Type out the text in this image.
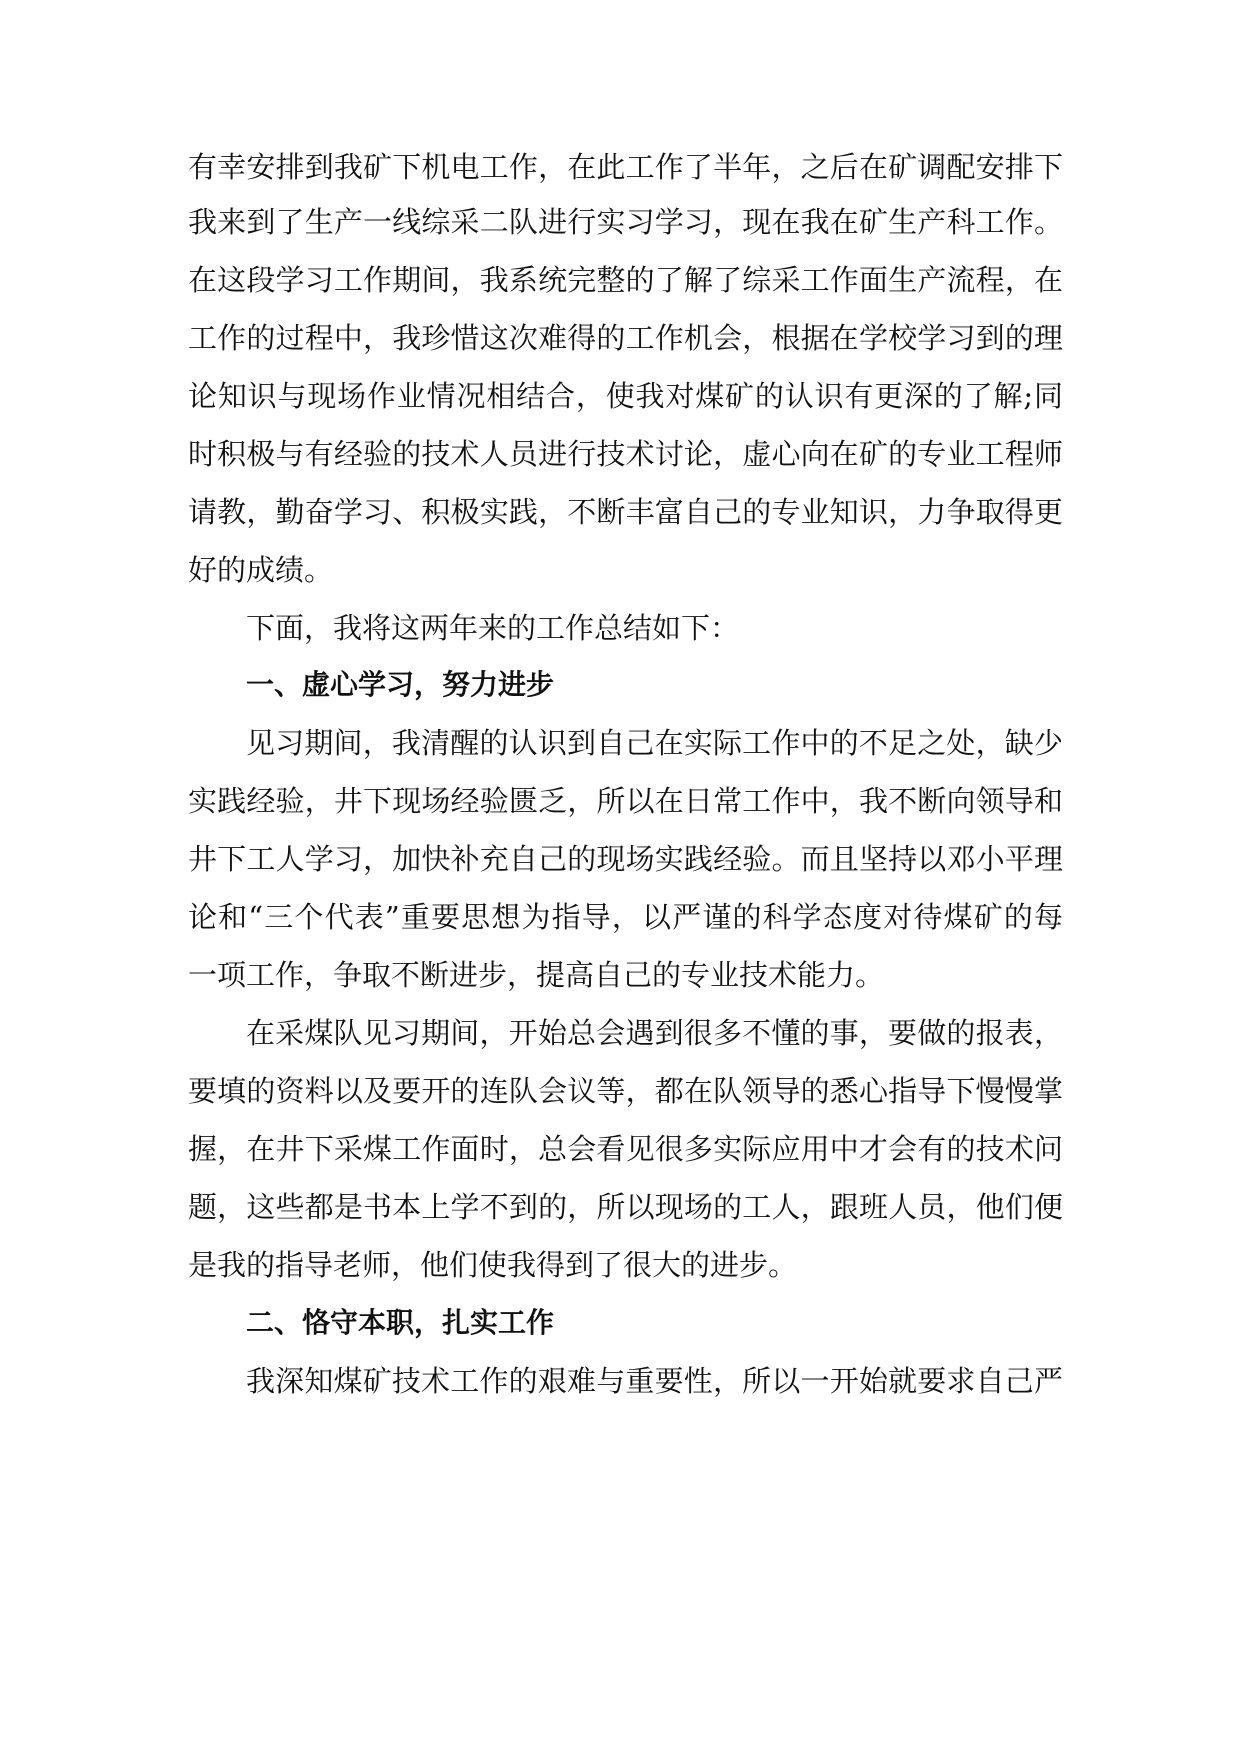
有幸安排到我矿下机电工作，在此工作了半年，之后在矿调配安排下
我来到了生产一线综采二队进行实习学习，现在我在矿生产科工作。
在这段学习工作期间，我系统完整的了解了综采工作面生产流程，在
工作的过程中，我珍惜这次难得的工作机会，根据在学校学习到的理
论知识与现场作业情况相结合，使我对煤矿的认识有更深的了解;同
时积极与有经验的技术人员进行技术讨论，虚心向在矿的专业工程师
请教，勤奋学习、积极实践，不断丰富自己的专业知识，力争取得更
好的成绩。
下面，我将这两年来的工作总结如下：
一、虚心学习，努力进步
见习期间，我清醒的认识到自己在实际工作中的不足之处，缺少
实践经验，井下现场经验匮乏，所以在日常工作中，我不断向领导和
井下工人学习，加快补充自己的现场实践经验。而且坚持以邓小平理
论和“三个代表”重要思想为指导，以严谨的科学态度对待煤矿的每
一项工作，争取不断进步，提高自己的专业技术能力。
在采煤队见习期间，开始总会遇到很多不懂的事，要做的报表，
要填的资料以及要开的连队会议等，都在队领导的悉心指导下慢慢掌
握，在井下采煤工作面时，总会看见很多实际应用中才会有的技术问
题，这些都是书本上学不到的，所以现场的工人，跟班人员，他们便
是我的指导老师，他们使我得到了很大的进步。
二、恪守本职，扎实工作
我深知煤矿技术工作的艰难与重要性，所以一开始就要求自己严
